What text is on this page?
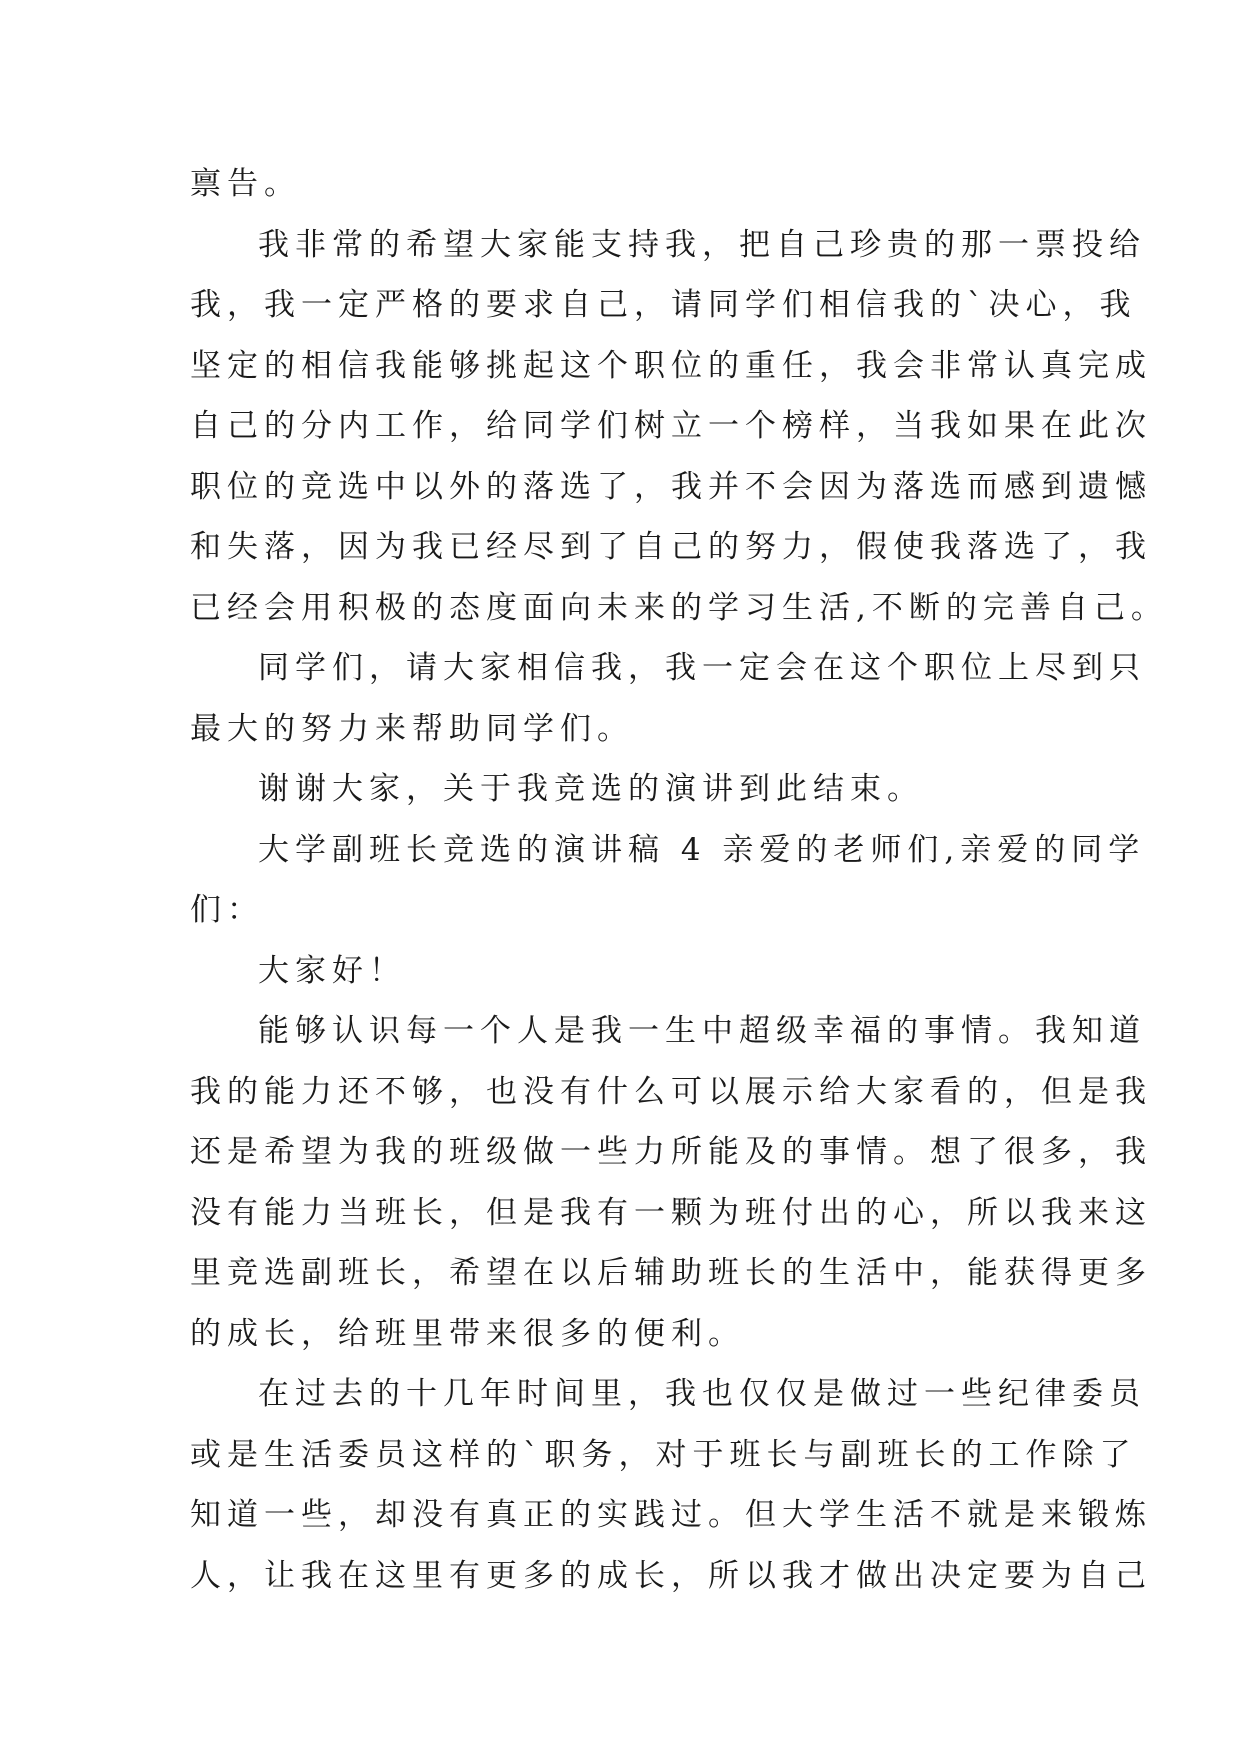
禀告。
我非常的希望大家能支持我，把自己珍贵的那一票投给
我，我一定严格的要求自己，请同学们相信我的`决心，我
坚定的相信我能够挑起这个职位的重任，我会非常认真完成
自己的分内工作，给同学们树立一个榜样，当我如果在此次
职位的竞选中以外的落选了，我并不会因为落选而感到遗憾
和失落，因为我已经尽到了自己的努力，假使我落选了，我
已经会用积极的态度面向未来的学习生活,不断的完善自己。
同学们，请大家相信我，我一定会在这个职位上尽到只
最大的努力来帮助同学们。
谢谢大家，关于我竞选的演讲到此结束。
大学副班长竞选的演讲稿 4 亲爱的老师们,亲爱的同学
们：
大家好！
能够认识每一个人是我一生中超级幸福的事情。我知道
我的能力还不够，也没有什么可以展示给大家看的，但是我
还是希望为我的班级做一些力所能及的事情。想了很多，我
没有能力当班长，但是我有一颗为班付出的心，所以我来这
里竞选副班长，希望在以后辅助班长的生活中，能获得更多
的成长，给班里带来很多的便利。
在过去的十几年时间里，我也仅仅是做过一些纪律委员
或是生活委员这样的`职务，对于班长与副班长的工作除了
知道一些，却没有真正的实践过。但大学生活不就是来锻炼
人，让我在这里有更多的成长，所以我才做出决定要为自己
